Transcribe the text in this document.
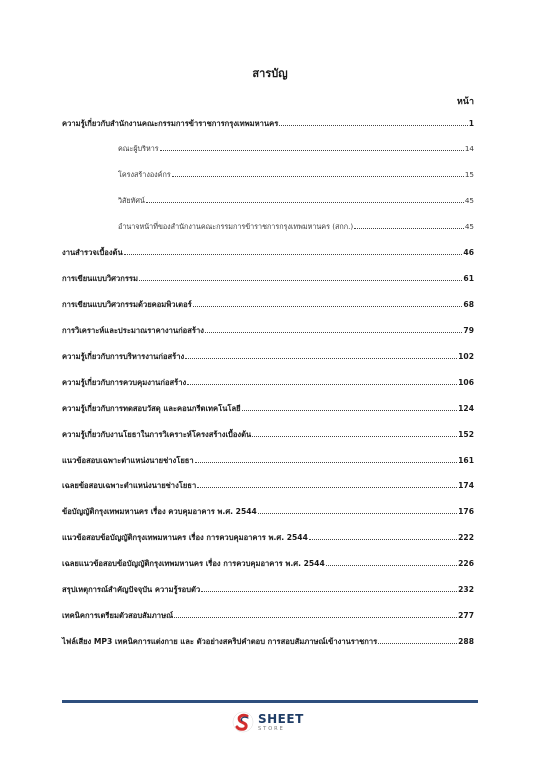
สารบัญ
หน้า
ความรู้เกี่ยวกับสำนักงานคณะกรรมการข้าราชการกรุงเทพมหานคร	1
คณะผู้บริหาร	14
โครงสร้างองค์กร	15
วิสัยทัศน์	45
อำนาจหน้าที่ของสำนักงานคณะกรรมการข้าราชการกรุงเทพมหานคร (สกก.)	45
งานสำรวจเบื้องต้น	46
การเขียนแบบวิศวกรรม	61
การเขียนแบบวิศวกรรมด้วยคอมพิวเตอร์	68
การวิเคราะห์และประมาณราคางานก่อสร้าง	79
ความรู้เกี่ยวกับการบริหารงานก่อสร้าง	102
ความรู้เกี่ยวกับการควบคุมงานก่อสร้าง	106
ความรู้เกี่ยวกับการทดสอบวัสดุ และคอนกรีตเทคโนโลยี	124
ความรู้เกี่ยวกับงานโยธาในการวิเคราะห์โครงสร้างเบื้องต้น	152
แนวข้อสอบเฉพาะตำแหน่งนายช่างโยธา	161
เฉลยข้อสอบเฉพาะตำแหน่งนายช่างโยธา	174
ข้อบัญญัติกรุงเทพมหานคร เรื่อง ควบคุมอาคาร พ.ศ. 2544	176
แนวข้อสอบข้อบัญญัติกรุงเทพมหานคร เรื่อง การควบคุมอาคาร พ.ศ. 2544	222
เฉลยแนวข้อสอบข้อบัญญัติกรุงเทพมหานคร เรื่อง การควบคุมอาคาร พ.ศ. 2544	226
สรุปเหตุการณ์สำคัญปัจจุบัน ความรู้รอบตัว	232
เทคนิคการเตรียมตัวสอบสัมภาษณ์	277
ไฟล์เสียง MP3 เทคนิคการแต่งกาย และ ตัวอย่างสคริปคำตอบ การสอบสัมภาษณ์เข้างานราชการ	288
SHEET
STORE
